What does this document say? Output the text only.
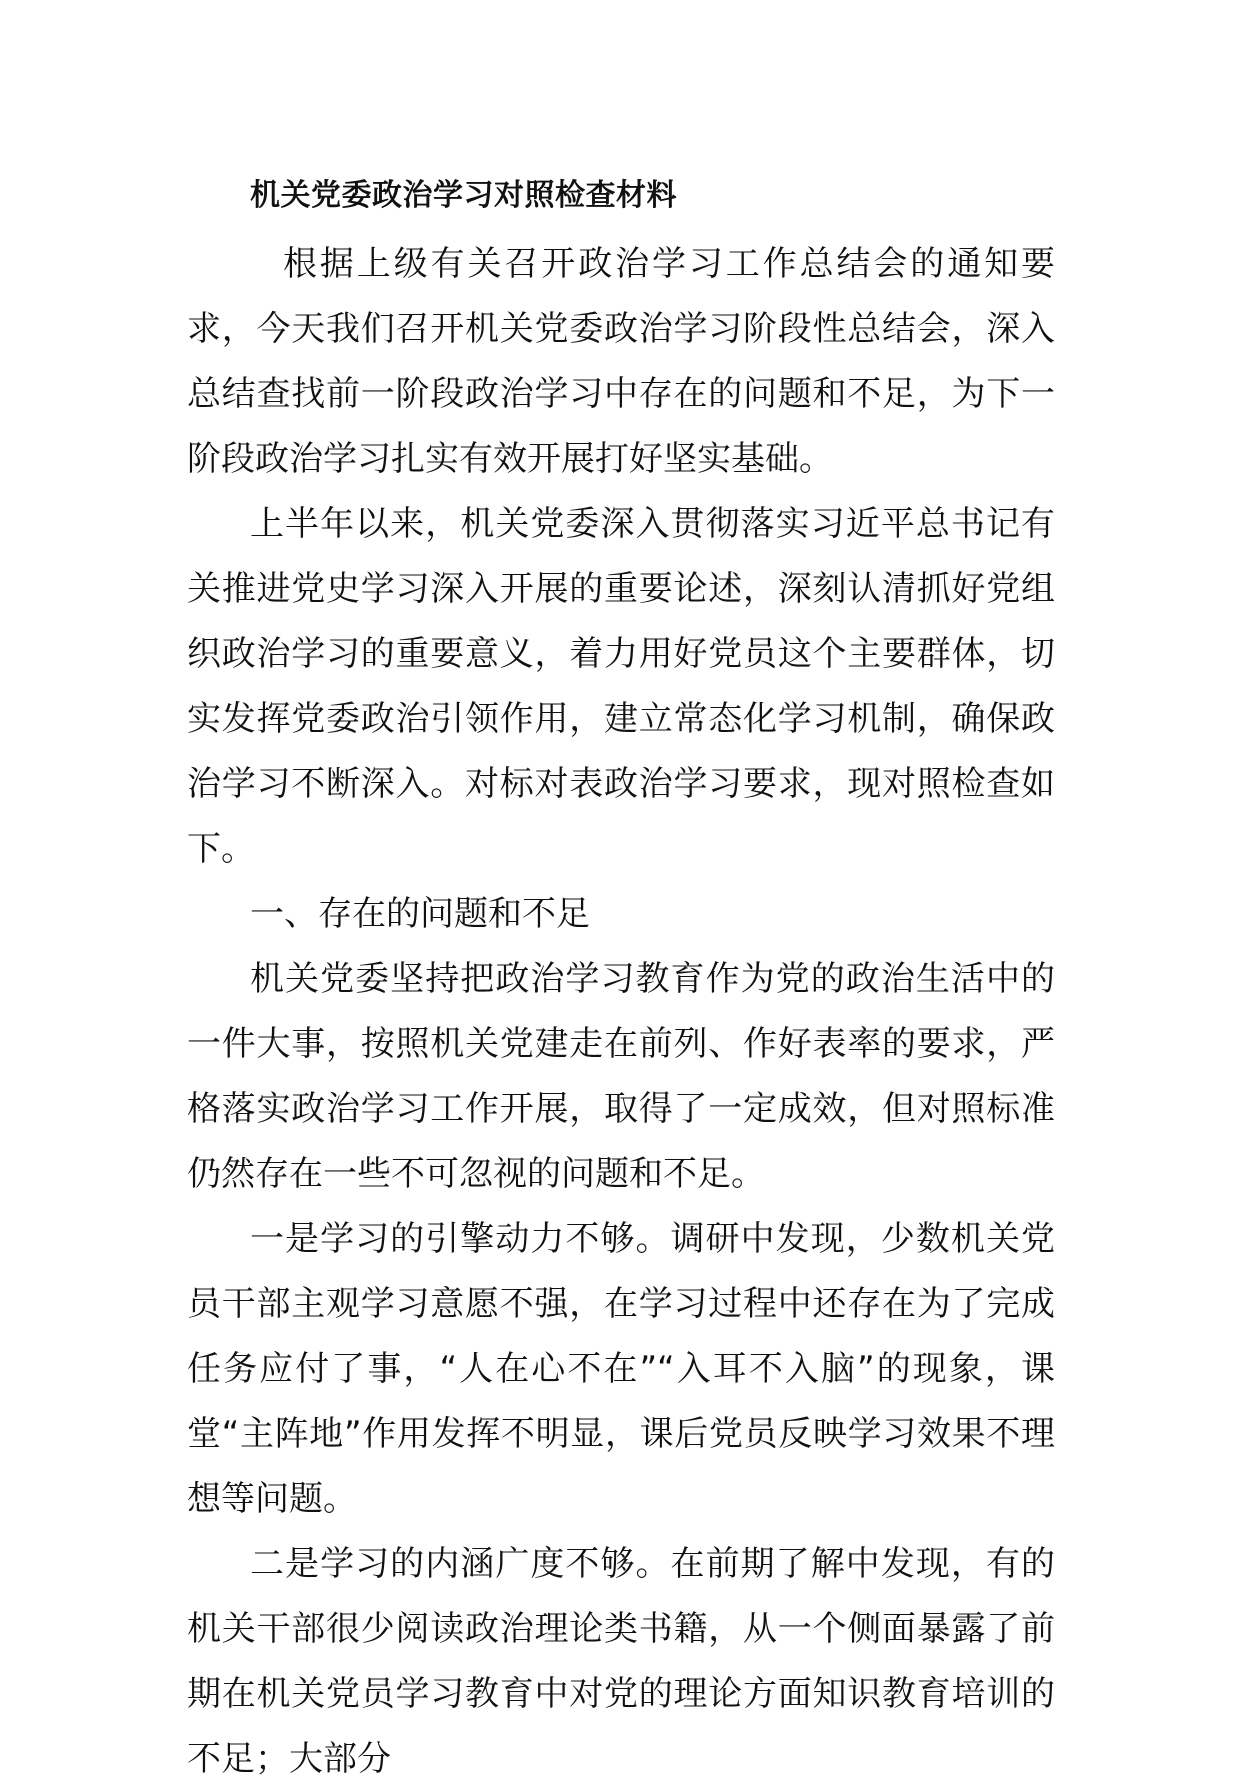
机关党委政治学习对照检查材料

根据上级有关召开政治学习工作总结会的通知要求，今天我们召开机关党委政治学习阶段性总结会，深入总结查找前一阶段政治学习中存在的问题和不足，为下一阶段政治学习扎实有效开展打好坚实基础。

上半年以来，机关党委深入贯彻落实习近平总书记有关推进党史学习深入开展的重要论述，深刻认清抓好党组织政治学习的重要意义，着力用好党员这个主要群体，切实发挥党委政治引领作用，建立常态化学习机制，确保政治学习不断深入。对标对表政治学习要求，现对照检查如下。

一、存在的问题和不足

机关党委坚持把政治学习教育作为党的政治生活中的一件大事，按照机关党建走在前列、作好表率的要求，严格落实政治学习工作开展，取得了一定成效，但对照标准仍然存在一些不可忽视的问题和不足。

一是学习的引擎动力不够。调研中发现，少数机关党员干部主观学习意愿不强，在学习过程中还存在为了完成任务应付了事，“人在心不在”“入耳不入脑”的现象，课堂“主阵地”作用发挥不明显，课后党员反映学习效果不理想等问题。

二是学习的内涵广度不够。在前期了解中发现，有的机关干部很少阅读政治理论类书籍，从一个侧面暴露了前期在机关党员学习教育中对党的理论方面知识教育培训的不足；大部分
